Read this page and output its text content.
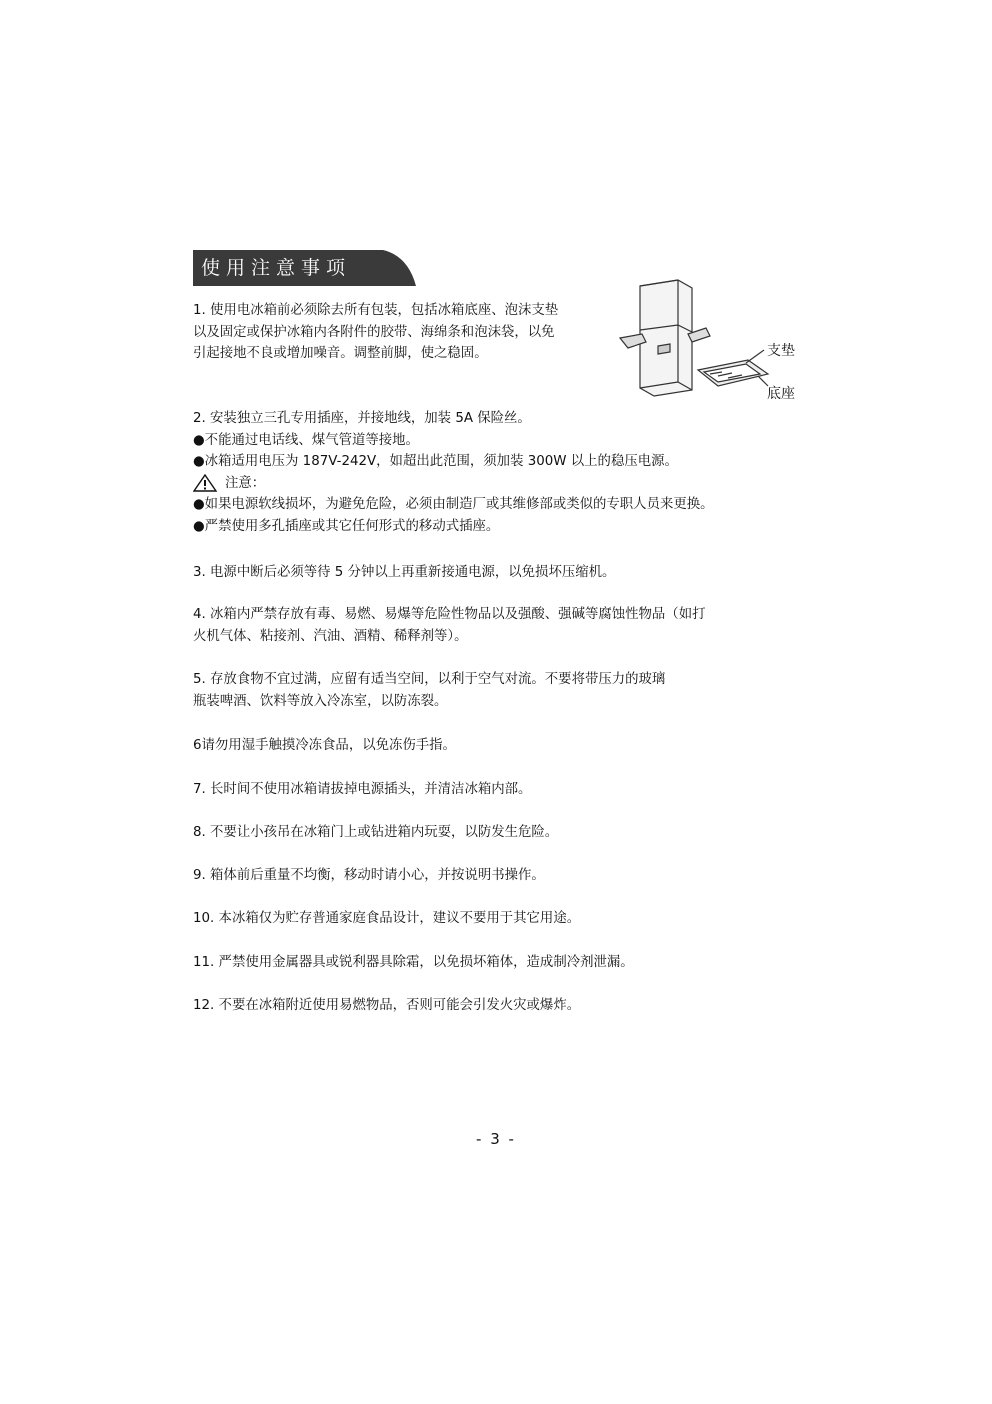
使用注意事项
1. 使用电冰箱前必须除去所有包装，包括冰箱底座、泡沫支垫
以及固定或保护冰箱内各附件的胶带、海绵条和泡沫袋，以免
引起接地不良或增加噪音。调整前脚，使之稳固。	支垫
底座
2. 安装独立三孔专用插座，并接地线，加装 5A 保险丝。
●不能通过电话线、煤气管道等接地。
●冰箱适用电压为 187V-242V，如超出此范围，须加装 300W 以上的稳压电源。
注意：
●如果电源软线损坏，为避免危险，必须由制造厂或其维修部或类似的专职人员来更换。
●严禁使用多孔插座或其它任何形式的移动式插座。
3. 电源中断后必须等待 5 分钟以上再重新接通电源，以免损坏压缩机。
4. 冰箱内严禁存放有毒、易燃、易爆等危险性物品以及强酸、强碱等腐蚀性物品（如打
火机气体、粘接剂、汽油、酒精、稀释剂等）。
5. 存放食物不宜过满，应留有适当空间，以利于空气对流。不要将带压力的玻璃
瓶装啤酒、饮料等放入冷冻室，以防冻裂。
6请勿用湿手触摸冷冻食品，以免冻伤手指。
7. 长时间不使用冰箱请拔掉电源插头，并清洁冰箱内部。
8. 不要让小孩吊在冰箱门上或钻进箱内玩耍，以防发生危险。
9. 箱体前后重量不均衡，移动时请小心，并按说明书操作。
10. 本冰箱仅为贮存普通家庭食品设计，建议不要用于其它用途。
11. 严禁使用金属器具或锐利器具除霜，以免损坏箱体，造成制冷剂泄漏。
12. 不要在冰箱附近使用易燃物品，否则可能会引发火灾或爆炸。
- 3 -
